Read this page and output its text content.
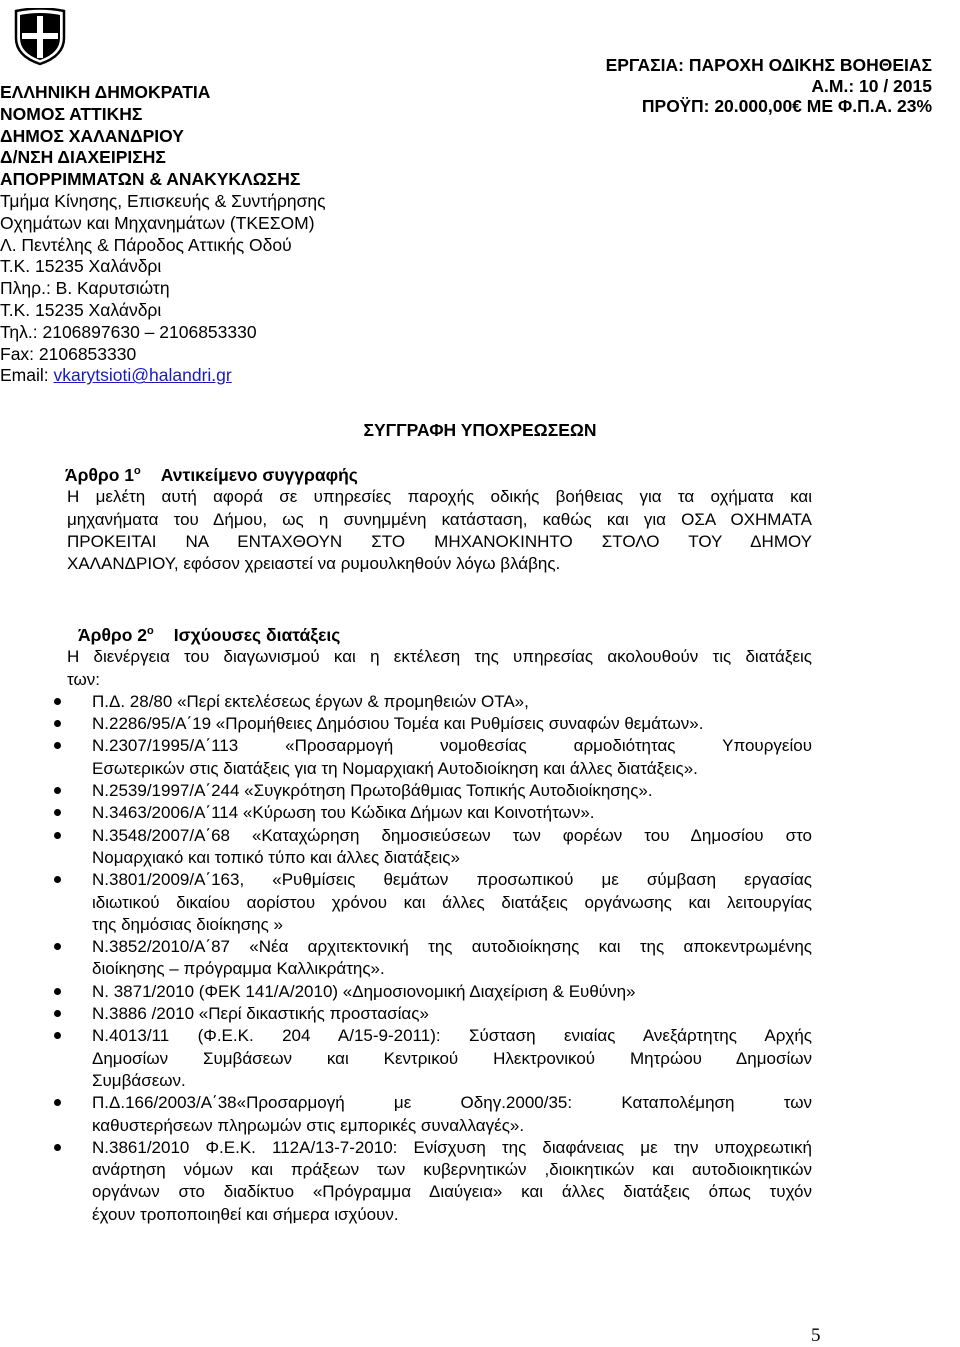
ΕΛΛΗΝΙΚΗ ΔΗΜΟΚΡΑΤΙΑ
ΝΟΜΟΣ ΑΤΤΙΚΗΣ
ΔΗΜΟΣ ΧΑΛΑΝΔΡΙΟΥ
Δ/ΝΣΗ ΔΙΑΧΕΙΡΙΣΗΣ
ΑΠΟΡΡΙΜΜΑΤΩΝ & ΑΝΑΚΥΚΛΩΣΗΣ
Τμήμα Κίνησης, Επισκευής & Συντήρησης
Οχημάτων και Μηχανημάτων (ΤΚΕΣΟΜ)
Λ. Πεντέλης & Πάροδος Αττικής Οδού
Τ.Κ. 15235 Χαλάνδρι
Πληρ.: Β. Καρυτσιώτη
Τ.Κ. 15235 Χαλάνδρι
Τηλ.: 2106897630 – 2106853330
Fax: 2106853330
Email: vkarytsioti@halandri.gr
ΕΡΓΑΣΙΑ: ΠΑΡΟΧΗ ΟΔΙΚΗΣ ΒΟΗΘΕΙΑΣ
Α.Μ.: 10 / 2015
ΠΡΟΫΠ: 20.000,00€ ΜΕ Φ.Π.Α. 23%
ΣΥΓΓΡΑΦΗ ΥΠΟΧΡΕΩΣΕΩΝ
Άρθρο $1^o$ Αντικείμενο συγγραφής
Η μελέτη αυτή αφορά σε υπηρεσίες παροχής οδικής βοήθειας για τα οχήματα και
μηχανήματα του Δήμου, ως η συνημμένη κατάσταση, καθώς και για ΟΣΑ ΟΧΗΜΑΤΑ
ΠΡΟΚΕΙΤΑΙ ΝΑ ΕΝΤΑΧΘΟΥΝ ΣΤΟ ΜΗΧΑΝΟΚΙΝΗΤΟ ΣΤΟΛΟ ΤΟΥ ΔΗΜΟΥ
ΧΑΛΑΝΔΡΙΟΥ, εφόσον χρειαστεί να ρυμουλκηθούν λόγω βλάβης.
Άρθρο $2^o$ Ισχύουσες διατάξεις
Η διενέργεια του διαγωνισμού και η εκτέλεση της υπηρεσίας ακολουθούν τις διατάξεις
των:
Π.Δ. 28/80 «Περί εκτελέσεως έργων & προμηθειών ΟΤΑ»,
Ν.2286/95/Α΄19 «Προμήθειες Δημόσιου Τομέα και Ρυθμίσεις συναφών θεμάτων».
Ν.2307/1995/Α΄113 «Προσαρμογή νομοθεσίας αρμοδιότητας Υπουργείου
Εσωτερικών στις διατάξεις για τη Νομαρχιακή Αυτοδιοίκηση και άλλες διατάξεις».
Ν.2539/1997/Α΄244 «Συγκρότηση Πρωτοβάθμιας Τοπικής Αυτοδιοίκησης».
Ν.3463/2006/Α΄114 «Κύρωση του Κώδικα Δήμων και Κοινοτήτων».
Ν.3548/2007/Α΄68 «Καταχώρηση δημοσιεύσεων των φορέων του Δημοσίου στο
Νομαρχιακό και τοπικό τύπο και άλλες διατάξεις»
Ν.3801/2009/Α΄163, «Ρυθμίσεις θεμάτων προσωπικού με σύμβαση εργασίας
ιδιωτικού δικαίου αορίστου χρόνου και άλλες διατάξεις οργάνωσης και λειτουργίας
της δημόσιας διοίκησης »
Ν.3852/2010/Α΄87 «Νέα αρχιτεκτονική της αυτοδιοίκησης και της αποκεντρωμένης
διοίκησης – πρόγραμμα Καλλικράτης».
Ν. 3871/2010 (ΦΕΚ 141/Α/2010) «Δημοσιονομική Διαχείριση & Ευθύνη»
Ν.3886 /2010 «Περί δικαστικής προστασίας»
Ν.4013/11 (Φ.Ε.Κ. 204 Α/15-9-2011): Σύσταση ενιαίας Ανεξάρτητης Αρχής
Δημοσίων Συμβάσεων και Κεντρικού Ηλεκτρονικού Μητρώου Δημοσίων
Συμβάσεων.
Π.Δ.166/2003/Α΄38«Προσαρμογή με Οδηγ.2000/35: Καταπολέμηση των
καθυστερήσεων πληρωμών στις εμπορικές συναλλαγές».
Ν.3861/2010 Φ.Ε.Κ. 112Α/13-7-2010: Ενίσχυση της διαφάνειας με την υποχρεωτική
ανάρτηση νόμων και πράξεων των κυβερνητικών ,διοικητικών και αυτοδιοικητικών
οργάνων στο διαδίκτυο «Πρόγραμμα Διαύγεια» και άλλες διατάξεις όπως τυχόν
έχουν τροποποιηθεί και σήμερα ισχύουν.
5
